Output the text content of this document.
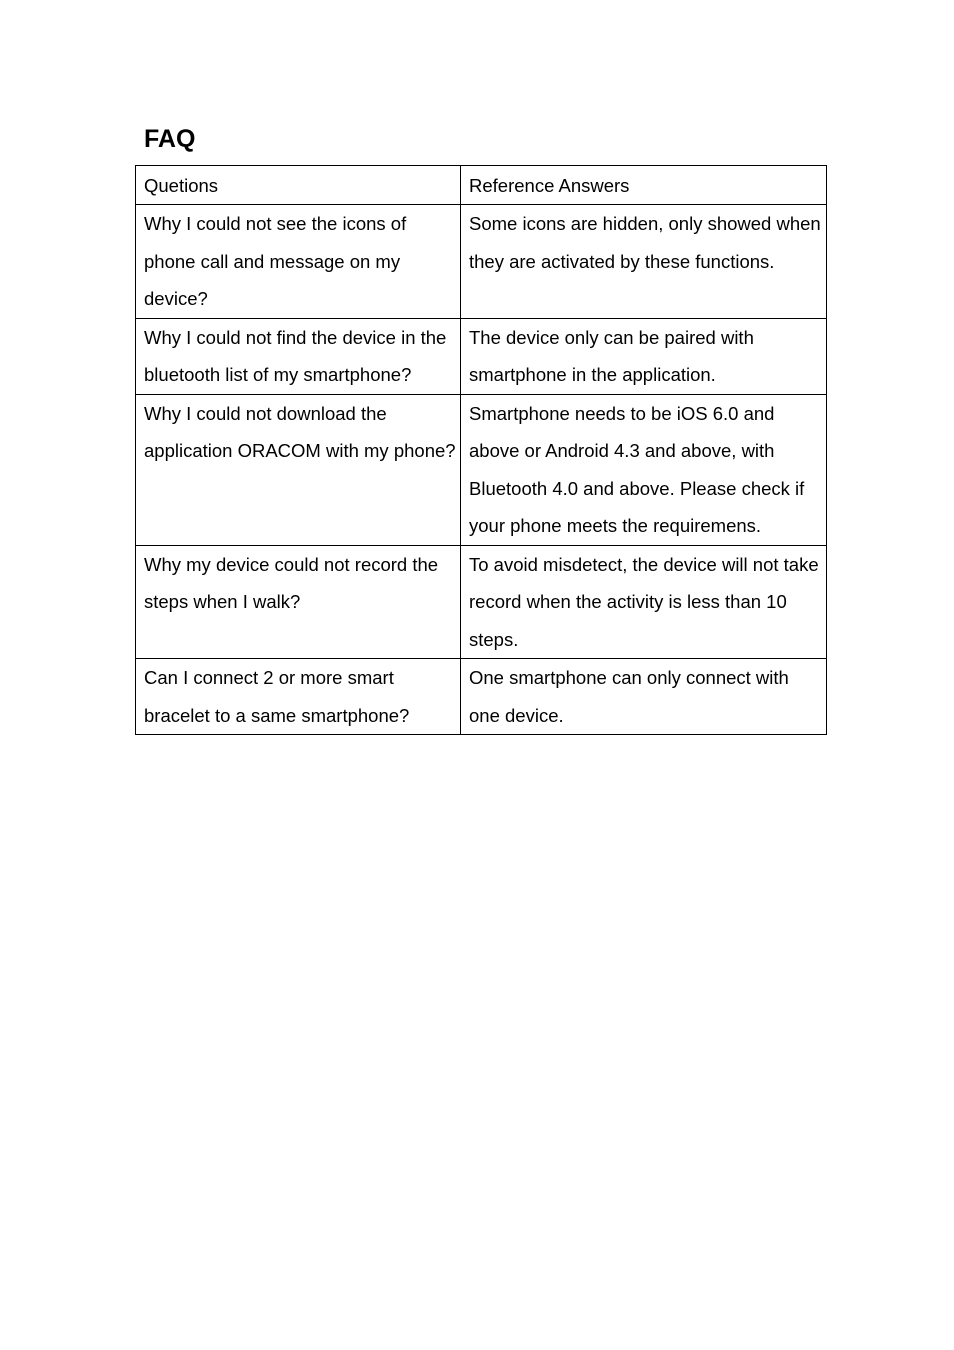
FAQ
Quetions	Reference Answers
Why I could not see the icons of phone call and message on my device?	Some icons are hidden, only showed when they are activated by these functions.
Why I could not find the device in the bluetooth list of my smartphone?	The device only can be paired with smartphone in the application.
Why I could not download the application ORACOM with my phone?	Smartphone needs to be iOS 6.0 and above or Android 4.3 and above, with Bluetooth 4.0 and above. Please check if your phone meets the requiremens.
Why my device could not record the steps when I walk?	To avoid misdetect, the device will not take record when the activity is less than 10 steps.
Can I connect 2 or more smart bracelet to a same smartphone?	One smartphone can only connect with one device.
